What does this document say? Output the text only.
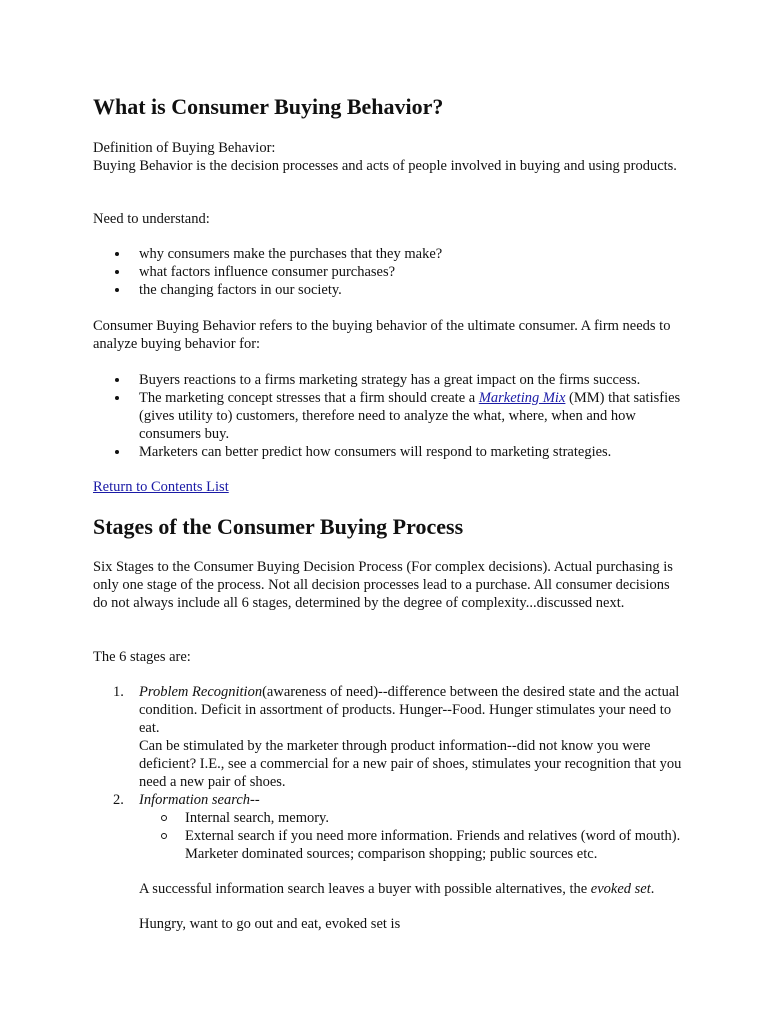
What is Consumer Buying Behavior?

Definition of Buying Behavior:

Buying Behavior is the decision processes and acts of people involved in buying and using products.

Need to understand:

why consumers make the purchases that they make?
what factors influence consumer purchases?
the changing factors in our society.

Consumer Buying Behavior refers to the buying behavior of the ultimate consumer. A firm needs to analyze buying behavior for:

Buyers reactions to a firms marketing strategy has a great impact on the firms success.
The marketing concept stresses that a firm should create a Marketing Mix (MM) that satisfies (gives utility to) customers, therefore need to analyze the what, where, when and how consumers buy.
Marketers can better predict how consumers will respond to marketing strategies.

Return to Contents List

Stages of the Consumer Buying Process

Six Stages to the Consumer Buying Decision Process (For complex decisions). Actual purchasing is only one stage of the process. Not all decision processes lead to a purchase. All consumer decisions do not always include all 6 stages, determined by the degree of complexity...discussed next.

The 6 stages are:

1. Problem Recognition(awareness of need)--difference between the desired state and the actual condition. Deficit in assortment of products. Hunger--Food. Hunger stimulates your need to eat.

Can be stimulated by the marketer through product information--did not know you were deficient? I.E., see a commercial for a new pair of shoes, stimulates your recognition that you need a new pair of shoes.

2. Information search--

Internal search, memory.
External search if you need more information. Friends and relatives (word of mouth). Marketer dominated sources; comparison shopping; public sources etc.

A successful information search leaves a buyer with possible alternatives, the evoked set.

Hungry, want to go out and eat, evoked set is
